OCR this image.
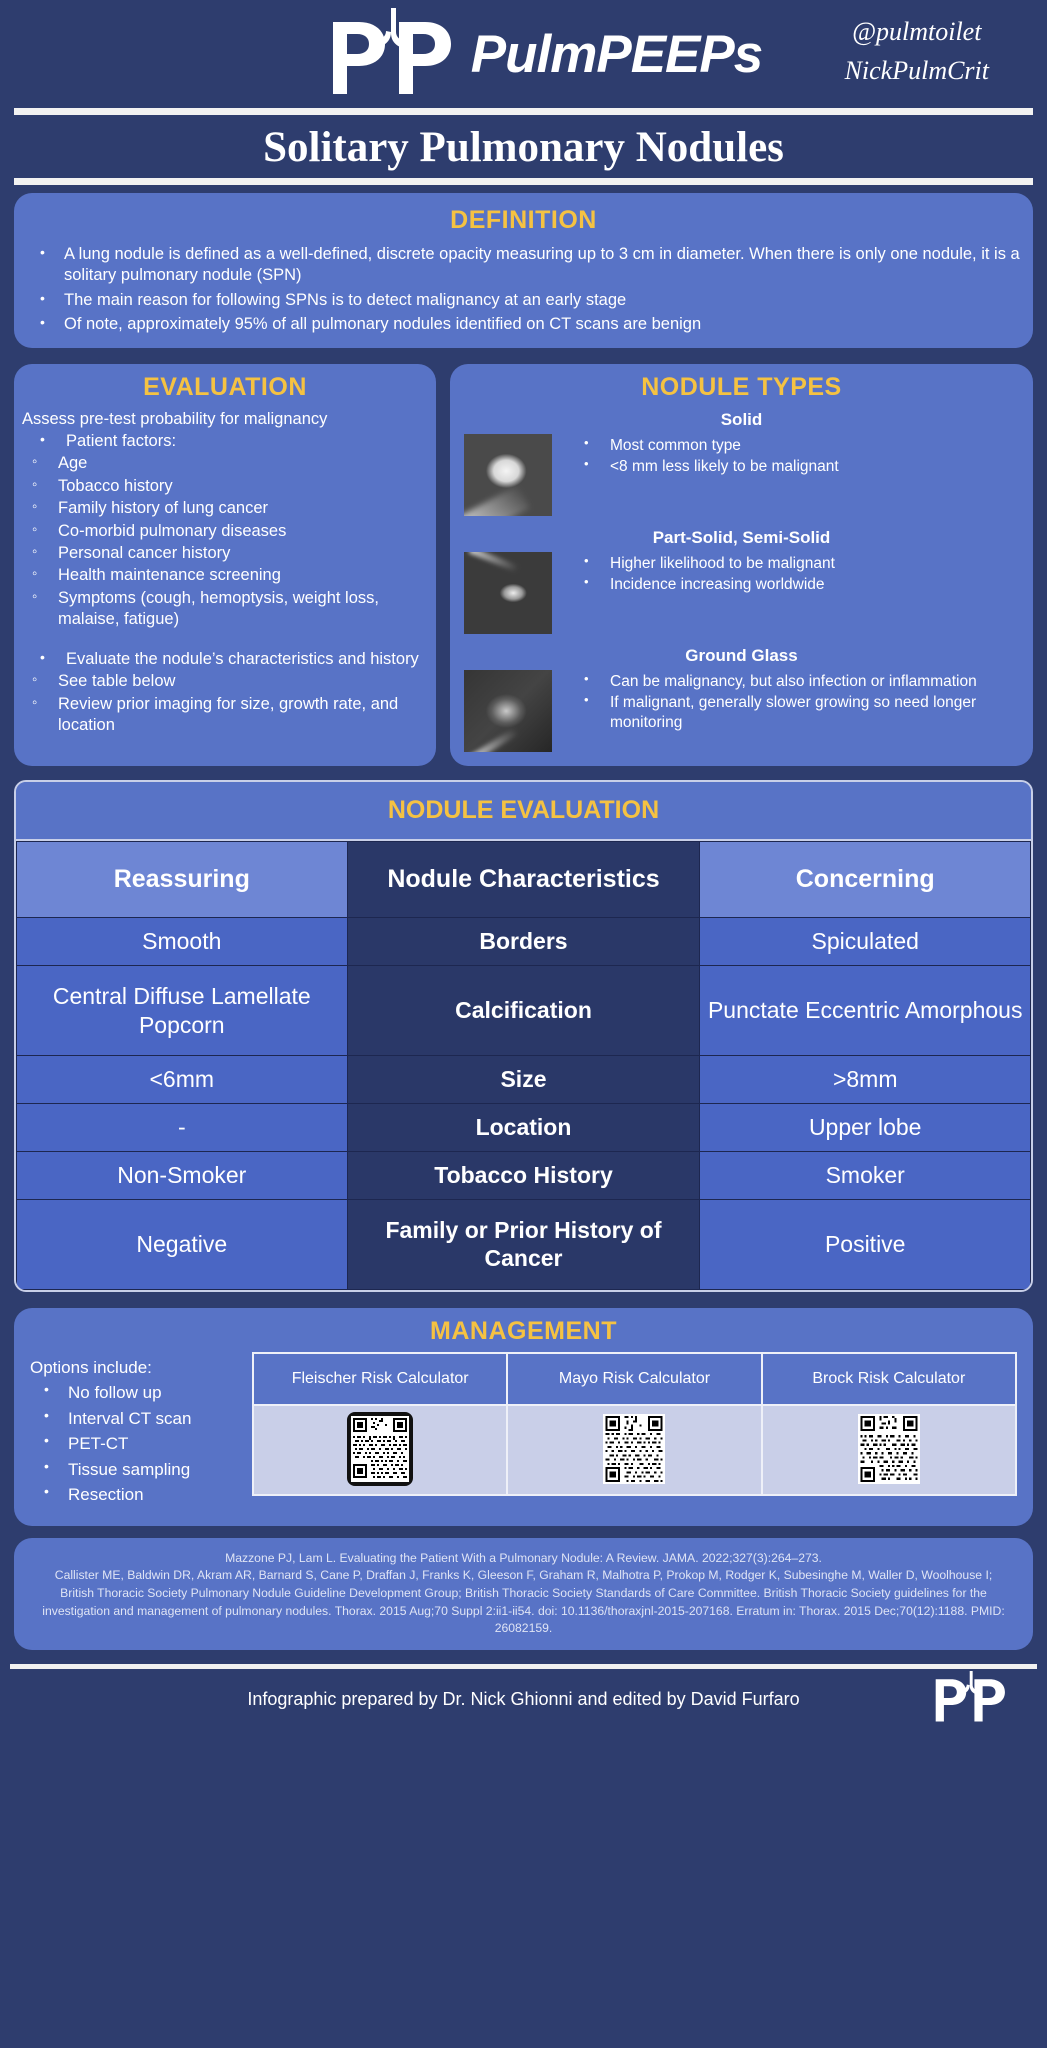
PulmPEEPs	@pulmtoilet
NickPulmCrit
Solitary Pulmonary Nodules
DEFINITION
• A lung nodule is defined as a well-defined, discrete opacity measuring up to 3 cm in diameter. When there is only one nodule, it is a solitary pulmonary nodule (SPN)
• The main reason for following SPNs is to detect malignancy at an early stage
• Of note, approximately 95% of all pulmonary nodules identified on CT scans are benign
EVALUATION
Assess pre-test probability for malignancy
• Patient factors:
◦ Age
◦ Tobacco history
◦ Family history of lung cancer
◦ Co-morbid pulmonary diseases
◦ Personal cancer history
◦ Health maintenance screening
◦ Symptoms (cough, hemoptysis, weight loss, malaise, fatigue)
• Evaluate the nodule’s characteristics and history
◦ See table below
◦ Review prior imaging for size, growth rate, and location
NODULE TYPES
Solid
• Most common type
• <8 mm less likely to be malignant
Part-Solid, Semi-Solid
• Higher likelihood to be malignant
• Incidence increasing worldwide
Ground Glass
• Can be malignancy, but also infection or inflammation
• If malignant, generally slower growing so need longer monitoring
NODULE EVALUATION
Reassuring	Nodule Characteristics	Concerning
Smooth	Borders	Spiculated
Central Diffuse Lamellate Popcorn	Calcification	Punctate Eccentric Amorphous
<6mm	Size	>8mm
-	Location	Upper lobe
Non-Smoker	Tobacco History	Smoker
Negative	Family or Prior History of Cancer	Positive
MANAGEMENT
Options include:
• No follow up
• Interval CT scan
• PET-CT
• Tissue sampling
• Resection
Fleischer Risk Calculator	Mayo Risk Calculator	Brock Risk Calculator
Mazzone PJ, Lam L. Evaluating the Patient With a Pulmonary Nodule: A Review. JAMA. 2022;327(3):264–273.
Callister ME, Baldwin DR, Akram AR, Barnard S, Cane P, Draffan J, Franks K, Gleeson F, Graham R, Malhotra P, Prokop M, Rodger K, Subesinghe M, Waller D, Woolhouse I; British Thoracic Society Pulmonary Nodule Guideline Development Group; British Thoracic Society Standards of Care Committee. British Thoracic Society guidelines for the investigation and management of pulmonary nodules. Thorax. 2015 Aug;70 Suppl 2:ii1-ii54. doi: 10.1136/thoraxjnl-2015-207168. Erratum in: Thorax. 2015 Dec;70(12):1188. PMID: 26082159.
Infographic prepared by Dr. Nick Ghionni and edited by David Furfaro
